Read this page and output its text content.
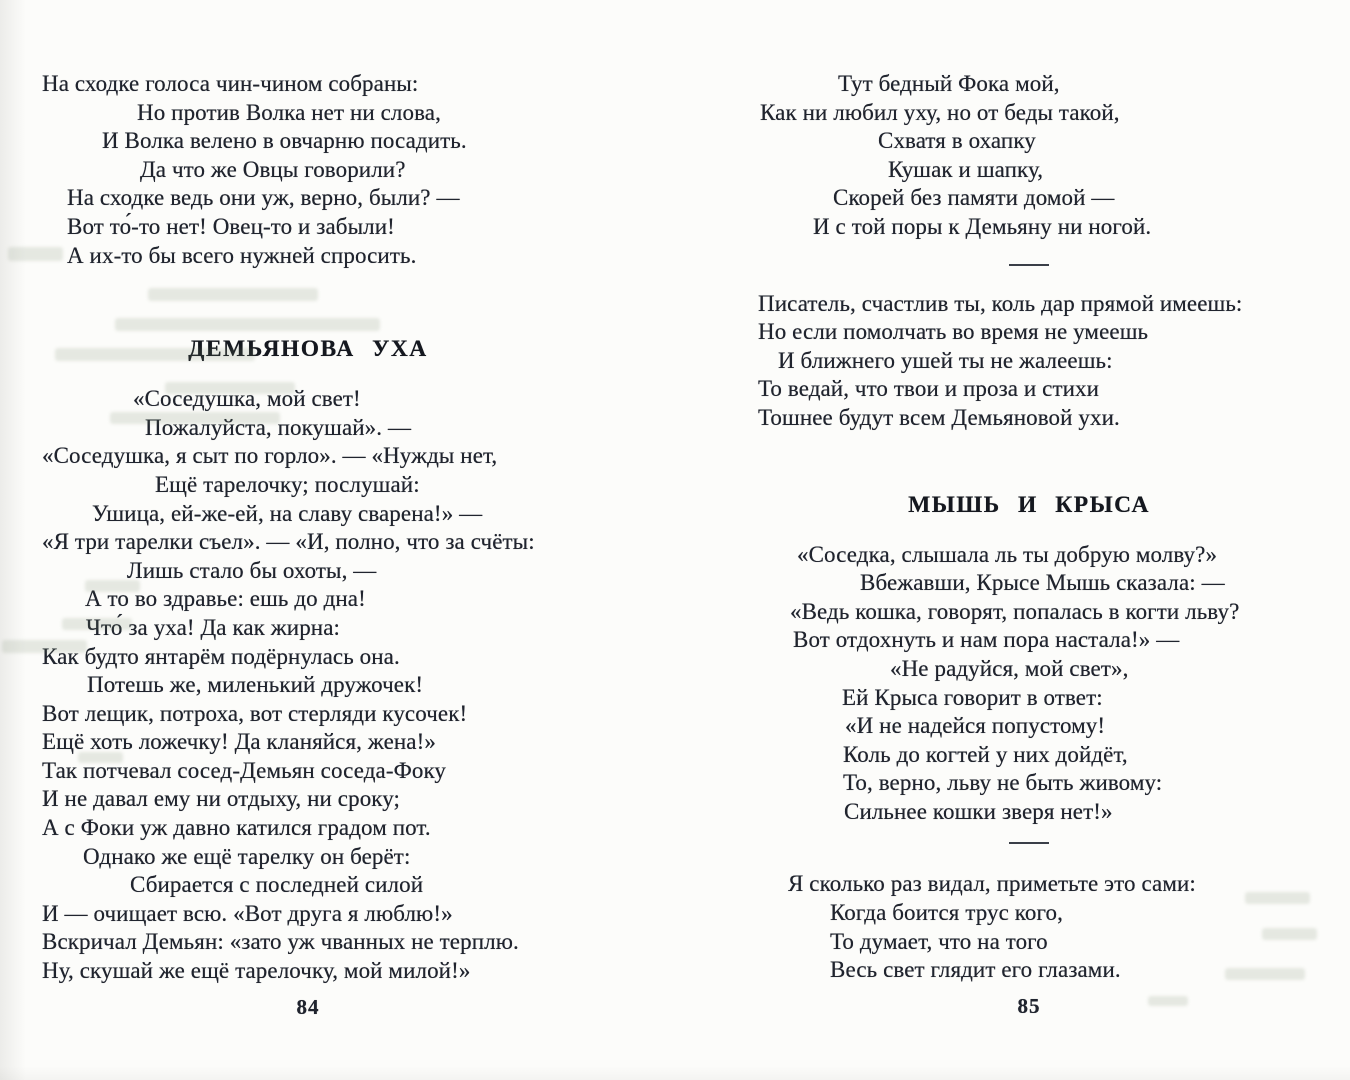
На сходке голоса чин-чином собраны:
Но против Волка нет ни слова,
И Волка велено в овчарню посадить.
Да что же Овцы говорили?
На сходке ведь они уж, верно, были? —
Вот то́-то нет! Овец-то и забыли!
А их-то бы всего нужней спросить.
ДЕМЬЯНОВА УХА
«Соседушка, мой свет!
Пожалуйста, покушай». —
«Соседушка, я сыт по горло». — «Нужды нет,
Ещё тарелочку; послушай:
Ушица, ей-же-ей, на славу сварена!» —
«Я три тарелки съел». — «И, полно, что за счёты:
Лишь стало бы охоты, —
А то во здравье: ешь до дна!
Что́ за уха! Да как жирна:
Как будто янтарём подёрнулась она.
Потешь же, миленький дружочек!
Вот лещик, потроха, вот стерляди кусочек!
Ещё хоть ложечку! Да кланяйся, жена!»
Так потчевал сосед-Демьян соседа-Фоку
И не давал ему ни отдыху, ни сроку;
А с Фоки уж давно катился градом пот.
Однако же ещё тарелку он берёт:
Сбирается с последней силой
И — очищает всю. «Вот друга я люблю!»
Вскричал Демьян: «зато уж чванных не терплю.
Ну, скушай же ещё тарелочку, мой милой!»
84
Тут бедный Фока мой,
Как ни любил уху, но от беды такой,
Схватя в охапку
Кушак и шапку,
Скорей без памяти домой —
И с той поры к Демьяну ни ногой.
Писатель, счастлив ты, коль дар прямой имеешь:
Но если помолчать во время не умеешь
И ближнего ушей ты не жалеешь:
То ведай, что твои и проза и стихи
Тошнее будут всем Демьяновой ухи.
МЫШЬ И КРЫСА
«Соседка, слышала ль ты добрую молву?»
Вбежавши, Крысе Мышь сказала: —
«Ведь кошка, говорят, попалась в когти льву?
Вот отдохнуть и нам пора настала!» —
«Не радуйся, мой свет»,
Ей Крыса говорит в ответ:
«И не надейся попустому!
Коль до когтей у них дойдёт,
То, верно, льву не быть живому:
Сильнее кошки зверя нет!»
Я сколько раз видал, приметьте это сами:
Когда боится трус кого,
То думает, что на того
Весь свет глядит его глазами.
85
